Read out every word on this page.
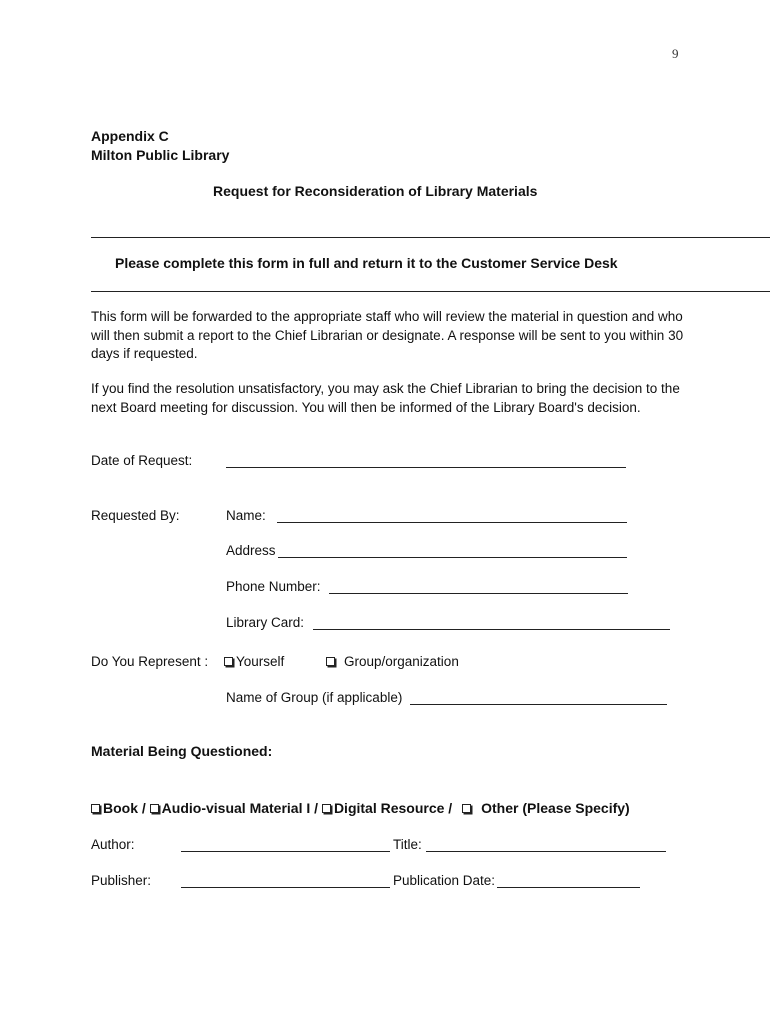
9
Appendix C
Milton Public Library
Request for Reconsideration of Library Materials
Please complete this form in full and return it to the Customer Service Desk
This form will be forwarded to the appropriate staff who will review the material in question and who will then submit a report to the Chief Librarian or designate. A response will be sent to you within 30 days if requested.
If you find the resolution unsatisfactory, you may ask the Chief Librarian to bring the decision to the next Board meeting for discussion. You will then be informed of the Library Board's decision.
Date of Request:
Requested By:	Name:
Address
Phone Number:
Library Card:
Do You Represent :	Yourself	Group/organization
Name of Group (if applicable)
Material Being Questioned:
Book / Audio-visual Material I / Digital Resource / Other (Please Specify)
Author:	Title:
Publisher:	Publication Date:
